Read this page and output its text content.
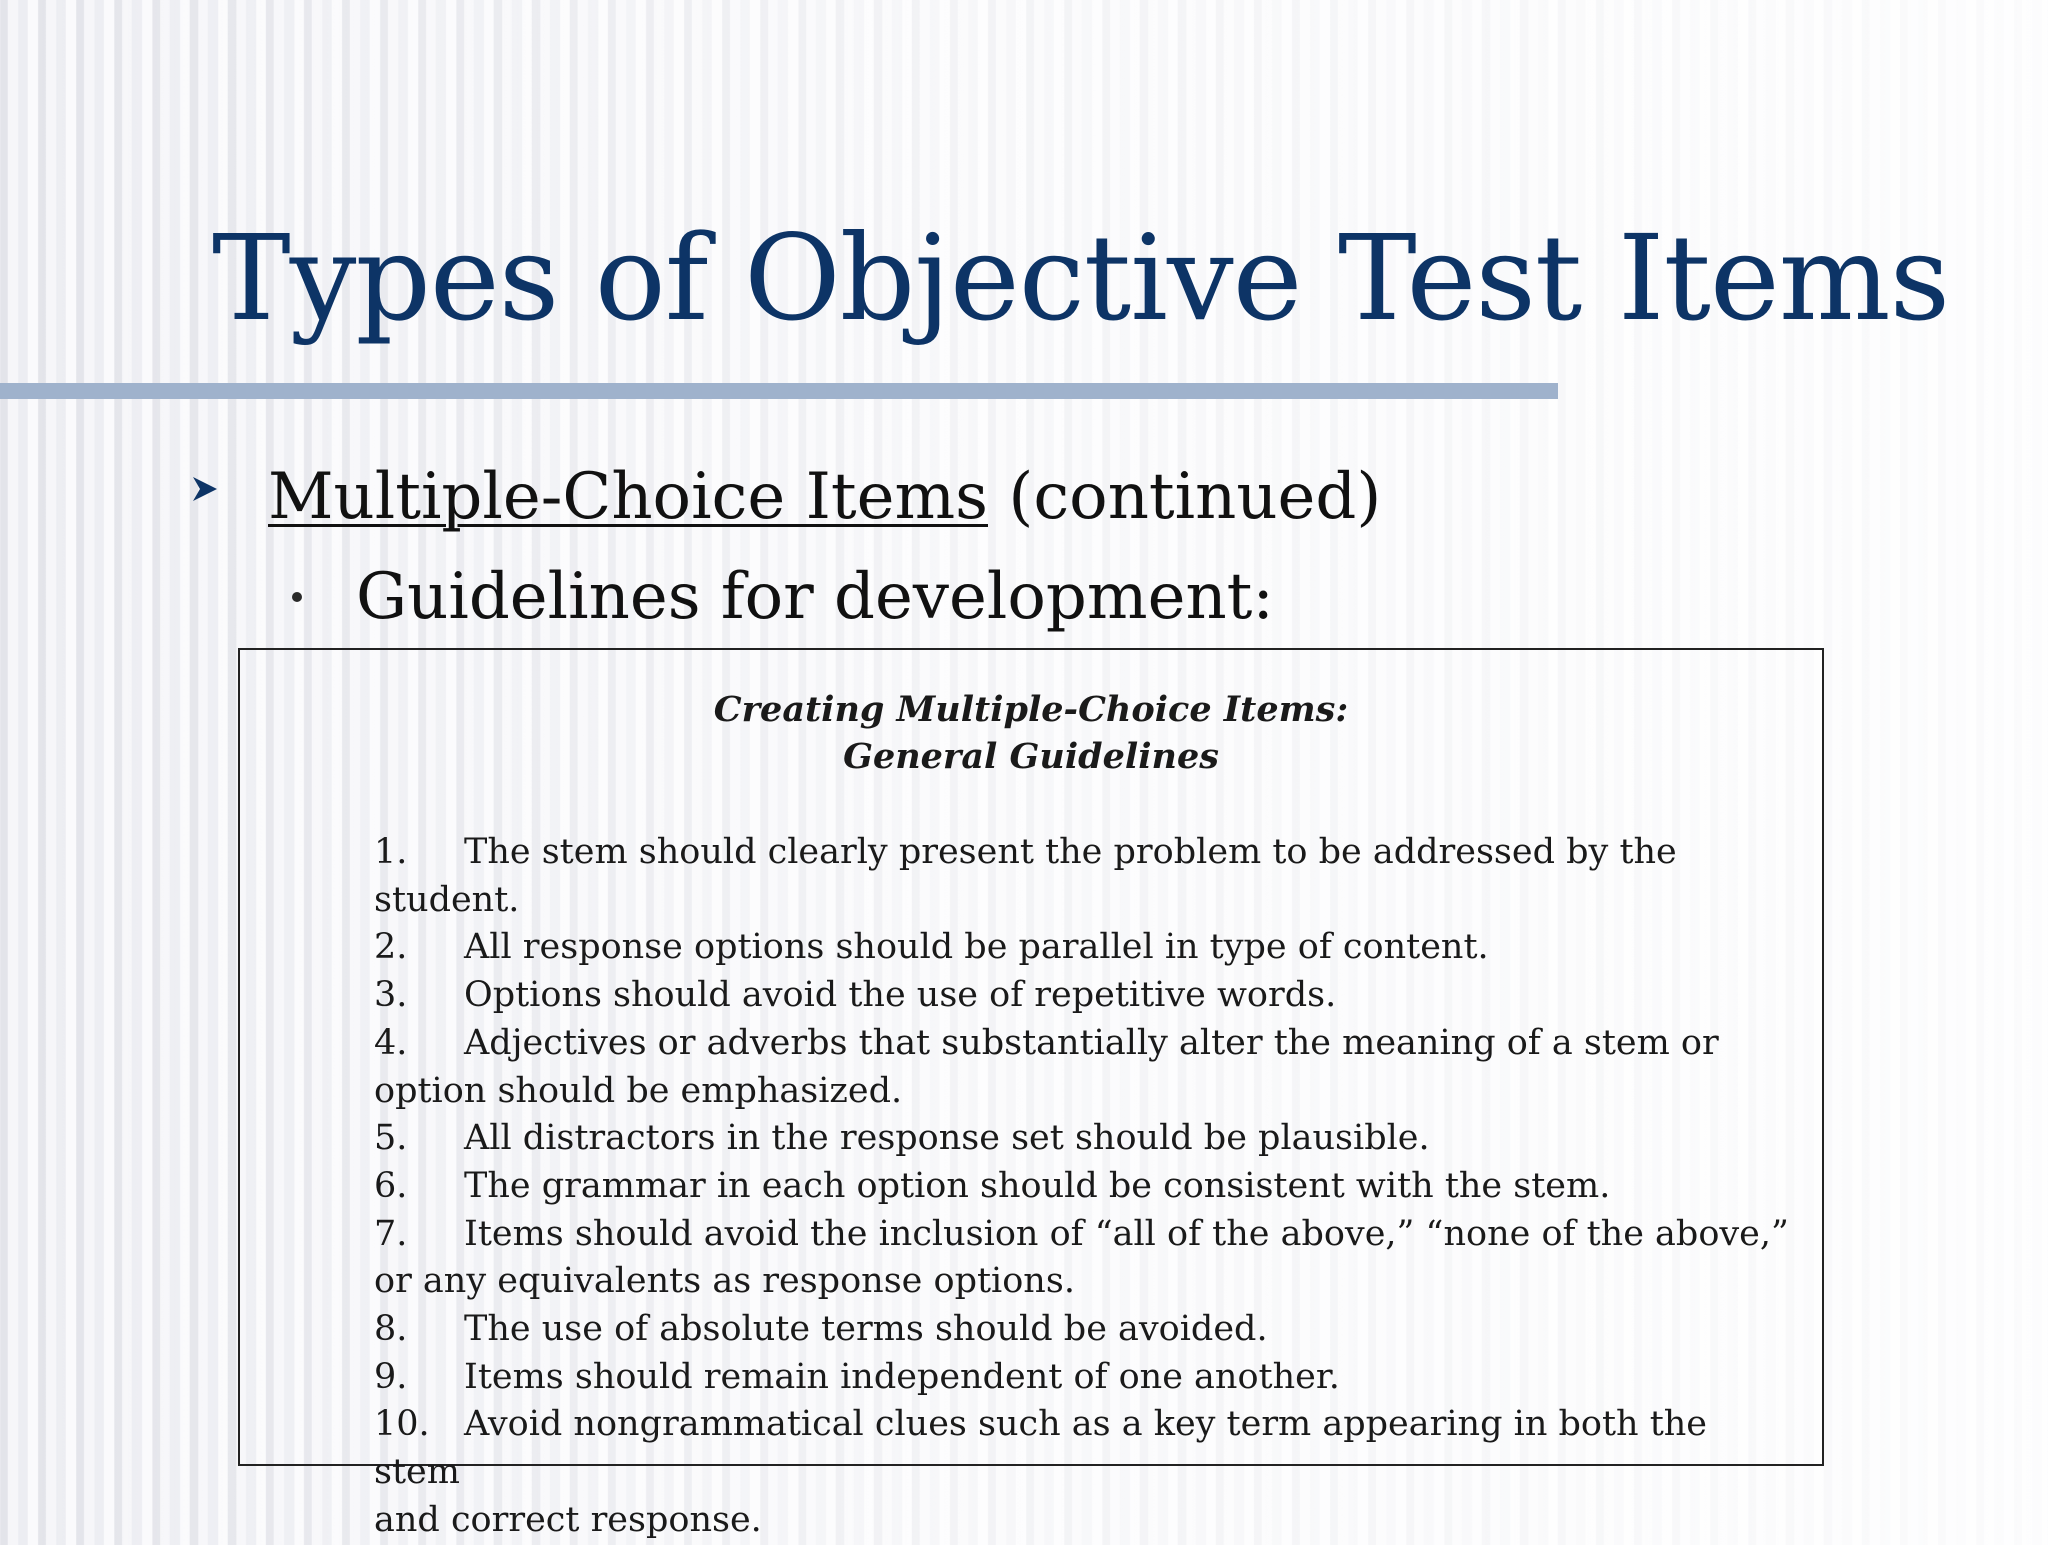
Types of Objective Test Items
Multiple-Choice Items (continued)
Guidelines for development:
Creating Multiple-Choice Items:
General Guidelines
1. The stem should clearly present the problem to be addressed by the
student.
2. All response options should be parallel in type of content.
3. Options should avoid the use of repetitive words.
4. Adjectives or adverbs that substantially alter the meaning of a stem or
option should be emphasized.
5. All distractors in the response set should be plausible.
6. The grammar in each option should be consistent with the stem.
7. Items should avoid the inclusion of “all of the above,” “none of the above,”
or any equivalents as response options.
8. The use of absolute terms should be avoided.
9. Items should remain independent of one another.
10. Avoid nongrammatical clues such as a key term appearing in both the stem
and correct response.
